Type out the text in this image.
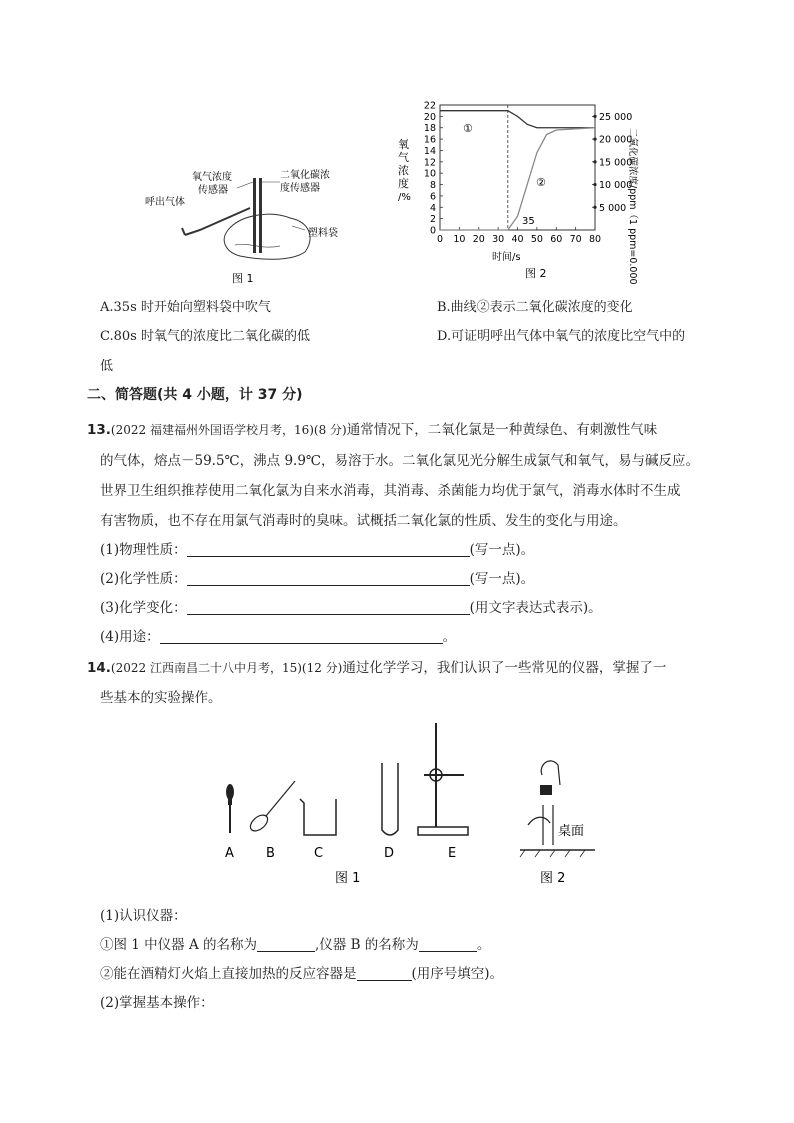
氧气浓度
传感器
二氧化碳浓
度传感器
呼出气体
塑料袋
图 1
22
20
18
16
14
12
10
8
6
4
2
0
25 000
20 000
15 000
10 000
5 000
0 10 20 30 40 50 60 70 80
氧
气
浓
度
/%	二氧化碳浓度/ppm（1 ppm=0.0001%）
时间/s
①
②
35
图 2
A.35s 时开始向塑料袋中吹气	B.曲线②表示二氧化碳浓度的变化
C.80s 时氧气的浓度比二氧化碳的低	D.可证明呼出气体中氧气的浓度比空气中的
低
二、简答题(共 4 小题，计 37 分)
13.(2022 福建福州外国语学校月考，16)(8 分)通常情况下，二氧化氯是一种黄绿色、有刺激性气味
的气体，熔点－59.5℃，沸点 9.9℃，易溶于水。二氧化氯见光分解生成氯气和氧气，易与碱反应。
世界卫生组织推荐使用二氧化氯为自来水消毒，其消毒、杀菌能力均优于氯气，消毒水体时不生成
有害物质，也不存在用氯气消毒时的臭味。试概括二氧化氯的性质、发生的变化与用途。
(1)物理性质：	(写一点)。
(2)化学性质：	(写一点)。
(3)化学变化：	(用文字表达式表示)。
(4)用途：	。
14.(2022 江西南昌二十八中月考，15)(12 分)通过化学学习，我们认识了一些常见的仪器，掌握了一
些基本的实验操作。
桌面
A B	C	D	E
图 1	图 2
(1)认识仪器：
①图 1 中仪器 A 的名称为	,仪器 B 的名称为	。
②能在酒精灯火焰上直接加热的反应容器是	(用序号填空)。
(2)掌握基本操作：
